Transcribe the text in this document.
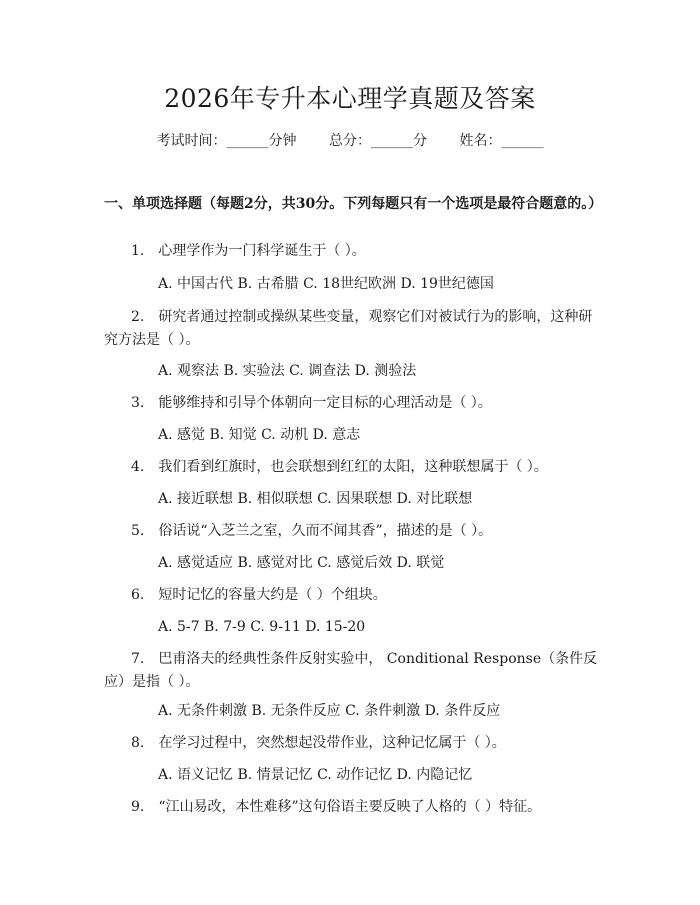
2026年专升本心理学真题及答案
考试时间：______分钟 总分：______分 姓名：______
一、单项选择题（每题2分，共30分。下列每题只有一个选项是最符合题意的。）
1.　心理学作为一门科学诞生于（ ）。
A. 中国古代 B. 古希腊 C. 18世纪欧洲 D. 19世纪德国
2.　研究者通过控制或操纵某些变量，观察它们对被试行为的影响，这种研究方法是（ ）。
A. 观察法 B. 实验法 C. 调查法 D. 测验法
3.　能够维持和引导个体朝向一定目标的心理活动是（ ）。
A. 感觉 B. 知觉 C. 动机 D. 意志
4.　我们看到红旗时，也会联想到红红的太阳，这种联想属于（ ）。
A. 接近联想 B. 相似联想 C. 因果联想 D. 对比联想
5.　俗话说“入芝兰之室，久而不闻其香”，描述的是（ ）。
A. 感觉适应 B. 感觉对比 C. 感觉后效 D. 联觉
6.　短时记忆的容量大约是（ ）个组块。
A. 5-7 B. 7-9 C. 9-11 D. 15-20
7.　巴甫洛夫的经典性条件反射实验中， Conditional Response（条件反应）是指（ ）。
A. 无条件刺激 B. 无条件反应 C. 条件刺激 D. 条件反应
8.　在学习过程中，突然想起没带作业，这种记忆属于（ ）。
A. 语义记忆 B. 情景记忆 C. 动作记忆 D. 内隐记忆
9.　“江山易改，本性难移”这句俗语主要反映了人格的（ ）特征。
